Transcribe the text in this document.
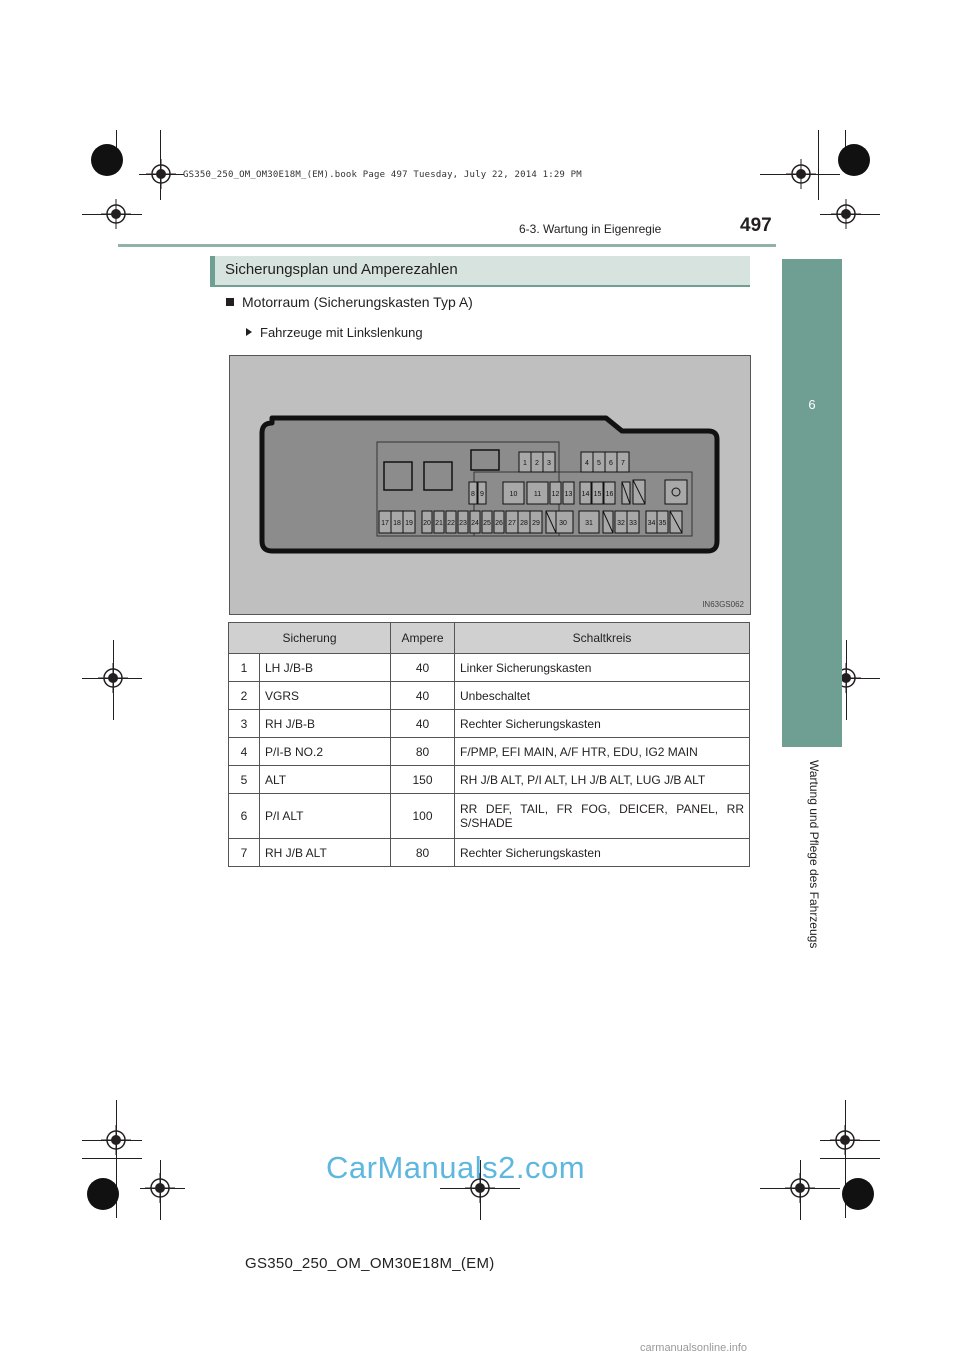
GS350_250_OM_OM30E18M_(EM).book Page 497 Tuesday, July 22, 2014 1:29 PM
6-3. Wartung in Eigenregie	497
6
Wartung und Pflege des Fahrzeugs
Sicherungsplan und Amperezahlen
Motorraum (Sicherungskasten Typ A)
Fahrzeuge mit Linkslenkung
1 2 3	4 5 6 7
8 9	10 11 12 13 14 15 16
17 18 19 20 21 22 23 24 25 26 27 28 29	30	31	32 33 34 35
IN63GS062
Sicherung		Ampere	Schaltkreis
1	LH J/B-B	40	Linker Sicherungskasten
2	VGRS	40	Unbeschaltet
3	RH J/B-B	40	Rechter Sicherungskasten
4	P/I-B NO.2	80	F/PMP, EFI MAIN, A/F HTR, EDU, IG2 MAIN
5	ALT	150	RH J/B ALT, P/I ALT, LH J/B ALT, LUG J/B ALT
6	P/I ALT	100	RR DEF, TAIL, FR FOG, DEICER, PANEL, RR S/SHADE
7	RH J/B ALT	80	Rechter Sicherungskasten
CarManuals2.com
GS350_250_OM_OM30E18M_(EM)
carmanualsonline.info
